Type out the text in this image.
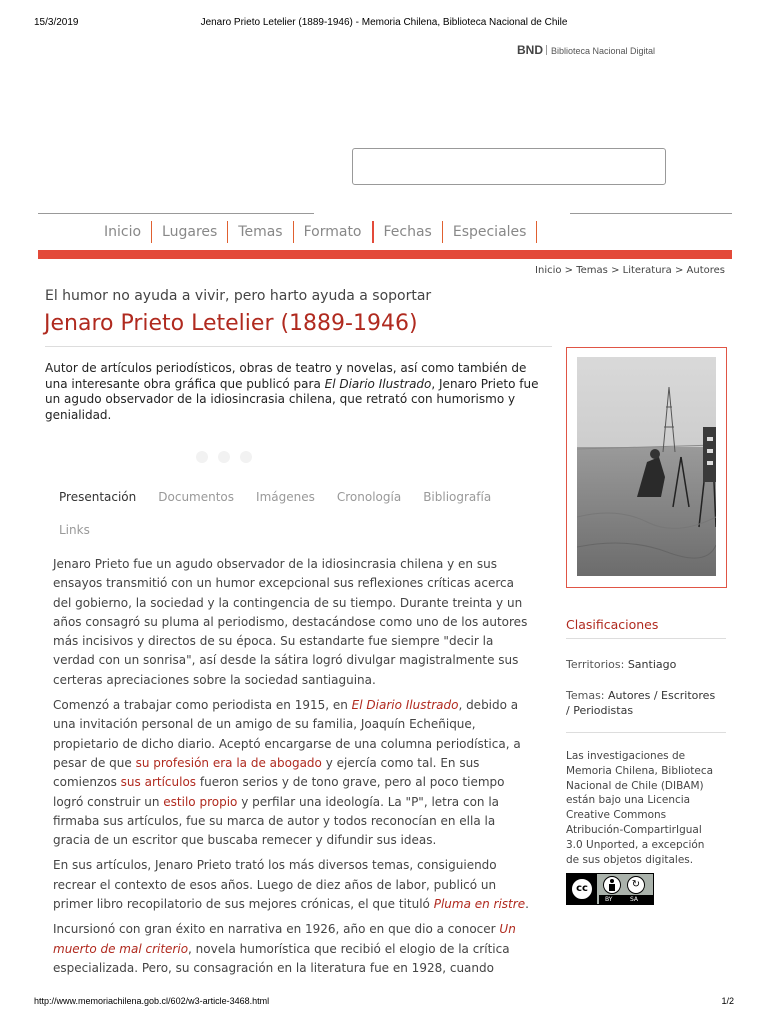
15/3/2019	Jenaro Prieto Letelier (1889-1946) - Memoria Chilena, Biblioteca Nacional de Chile
BND Biblioteca Nacional Digital
Inicio Lugares Temas Formato Fechas Especiales
Inicio > Temas > Literatura > Autores
El humor no ayuda a vivir, pero harto ayuda a soportar
Jenaro Prieto Letelier (1889-1946)
Autor de artículos periodísticos, obras de teatro y novelas, así como también de
una interesante obra gráfica que publicó para El Diario Ilustrado, Jenaro Prieto fue
un agudo observador de la idiosincrasia chilena, que retrató con humorismo y
genialidad.
Presentación Documentos Imágenes Cronología Bibliografía
Links
Jenaro Prieto fue un agudo observador de la idiosincrasia chilena y en sus
ensayos transmitió con un humor excepcional sus reflexiones críticas acerca
del gobierno, la sociedad y la contingencia de su tiempo. Durante treinta y un
años consagró su pluma al periodismo, destacándose como uno de los autores
más incisivos y directos de su época. Su estandarte fue siempre "decir la
verdad con un sonrisa", así desde la sátira logró divulgar magistralmente sus
certeras apreciaciones sobre la sociedad santiaguina.
Comenzó a trabajar como periodista en 1915, en El Diario Ilustrado, debido a
una invitación personal de un amigo de su familia, Joaquín Echeñique,
propietario de dicho diario. Aceptó encargarse de una columna periodística, a
pesar de que su profesión era la de abogado y ejercía como tal. En sus
comienzos sus artículos fueron serios y de tono grave, pero al poco tiempo
logró construir un estilo propio y perfilar una ideología. La "P", letra con la
firmaba sus artículos, fue su marca de autor y todos reconocían en ella la
gracia de un escritor que buscaba remecer y difundir sus ideas.
En sus artículos, Jenaro Prieto trató los más diversos temas, consiguiendo
recrear el contexto de esos años. Luego de diez años de labor, publicó un
primer libro recopilatorio de sus mejores crónicas, el que tituló Pluma en ristre.
Incursionó con gran éxito en narrativa en 1926, año en que dio a conocer Un
muerto de mal criterio, novela humorística que recibió el elogio de la crítica
especializada. Pero, su consagración en la literatura fue en 1928, cuando
Clasificaciones
Territorios: Santiago
Temas: Autores / Escritores
/ Periodistas
Las investigaciones de
Memoria Chilena, Biblioteca
Nacional de Chile (DIBAM)
están bajo una Licencia
Creative Commons
Atribución-CompartirIgual
3.0 Unported, a excepción
de sus objetos digitales.
cc	↻
BY	SA
http://www.memoriachilena.gob.cl/602/w3-article-3468.html	1/2
